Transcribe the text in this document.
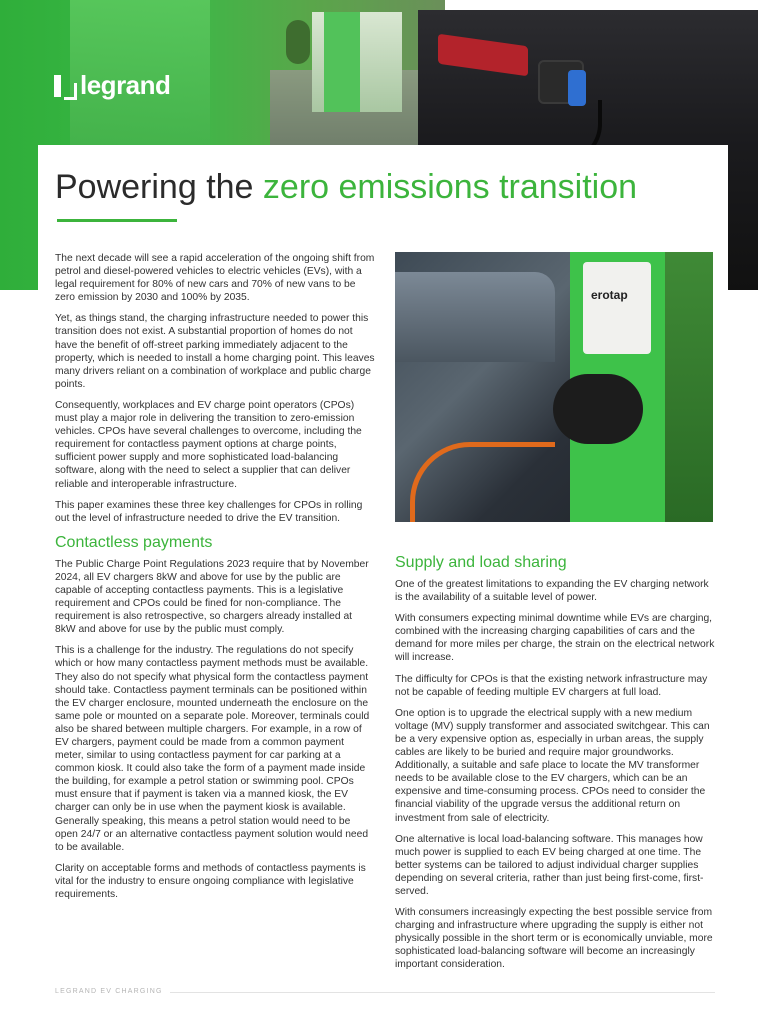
legrand
Powering the zero emissions transition

The next decade will see a rapid acceleration of the ongoing shift from petrol and diesel-powered vehicles to electric vehicles (EVs), with a legal requirement for 80% of new cars and 70% of new vans to be zero emission by 2030 and 100% by 2035.

Yet, as things stand, the charging infrastructure needed to power this transition does not exist. A substantial proportion of homes do not have the benefit of off-street parking immediately adjacent to the property, which is needed to install a home charging point. This leaves many drivers reliant on a combination of workplace and public charge points.

Consequently, workplaces and EV charge point operators (CPOs) must play a major role in delivering the transition to zero-emission vehicles. CPOs have several challenges to overcome, including the requirement for contactless payment options at charge points, sufficient power supply and more sophisticated load-balancing software, along with the need to select a supplier that can deliver reliable and interoperable infrastructure.

This paper examines these three key challenges for CPOs in rolling out the level of infrastructure needed to drive the EV transition.

Contactless payments

The Public Charge Point Regulations 2023 require that by November 2024, all EV chargers 8kW and above for use by the public are capable of accepting contactless payments. This is a legislative requirement and CPOs could be fined for non-compliance. The requirement is also retrospective, so chargers already installed at 8kW and above for use by the public must comply.

This is a challenge for the industry. The regulations do not specify which or how many contactless payment methods must be available. They also do not specify what physical form the contactless payment should take. Contactless payment terminals can be positioned within the EV charger enclosure, mounted underneath the enclosure on the same pole or mounted on a separate pole. Moreover, terminals could also be shared between multiple chargers. For example, in a row of EV chargers, payment could be made from a common payment meter, similar to using contactless payment for car parking at a common kiosk. It could also take the form of a payment made inside the building, for example a petrol station or swimming pool. CPOs must ensure that if payment is taken via a manned kiosk, the EV charger can only be in use when the payment kiosk is available. Generally speaking, this means a petrol station would need to be open 24/7 or an alternative contactless payment solution would need to be available.

Clarity on acceptable forms and methods of contactless payments is vital for the industry to ensure ongoing compliance with legislative requirements.

erotap
Supply and load sharing

One of the greatest limitations to expanding the EV charging network is the availability of a suitable level of power.

With consumers expecting minimal downtime while EVs are charging, combined with the increasing charging capabilities of cars and the demand for more miles per charge, the strain on the electrical network will increase.

The difficulty for CPOs is that the existing network infrastructure may not be capable of feeding multiple EV chargers at full load.

One option is to upgrade the electrical supply with a new medium voltage (MV) supply transformer and associated switchgear. This can be a very expensive option as, especially in urban areas, the supply cables are likely to be buried and require major groundworks. Additionally, a suitable and safe place to locate the MV transformer needs to be available close to the EV chargers, which can be an expensive and time-consuming process. CPOs need to consider the financial viability of the upgrade versus the additional return on investment from sale of electricity.

One alternative is local load-balancing software. This manages how much power is supplied to each EV being charged at one time. The better systems can be tailored to adjust individual charger supplies depending on several criteria, rather than just being first-come, first-served.

With consumers increasingly expecting the best possible service from charging and infrastructure where upgrading the supply is either not physically possible in the short term or is economically unviable, more sophisticated load-balancing software will become an increasingly important consideration.

LEGRAND EV CHARGING
